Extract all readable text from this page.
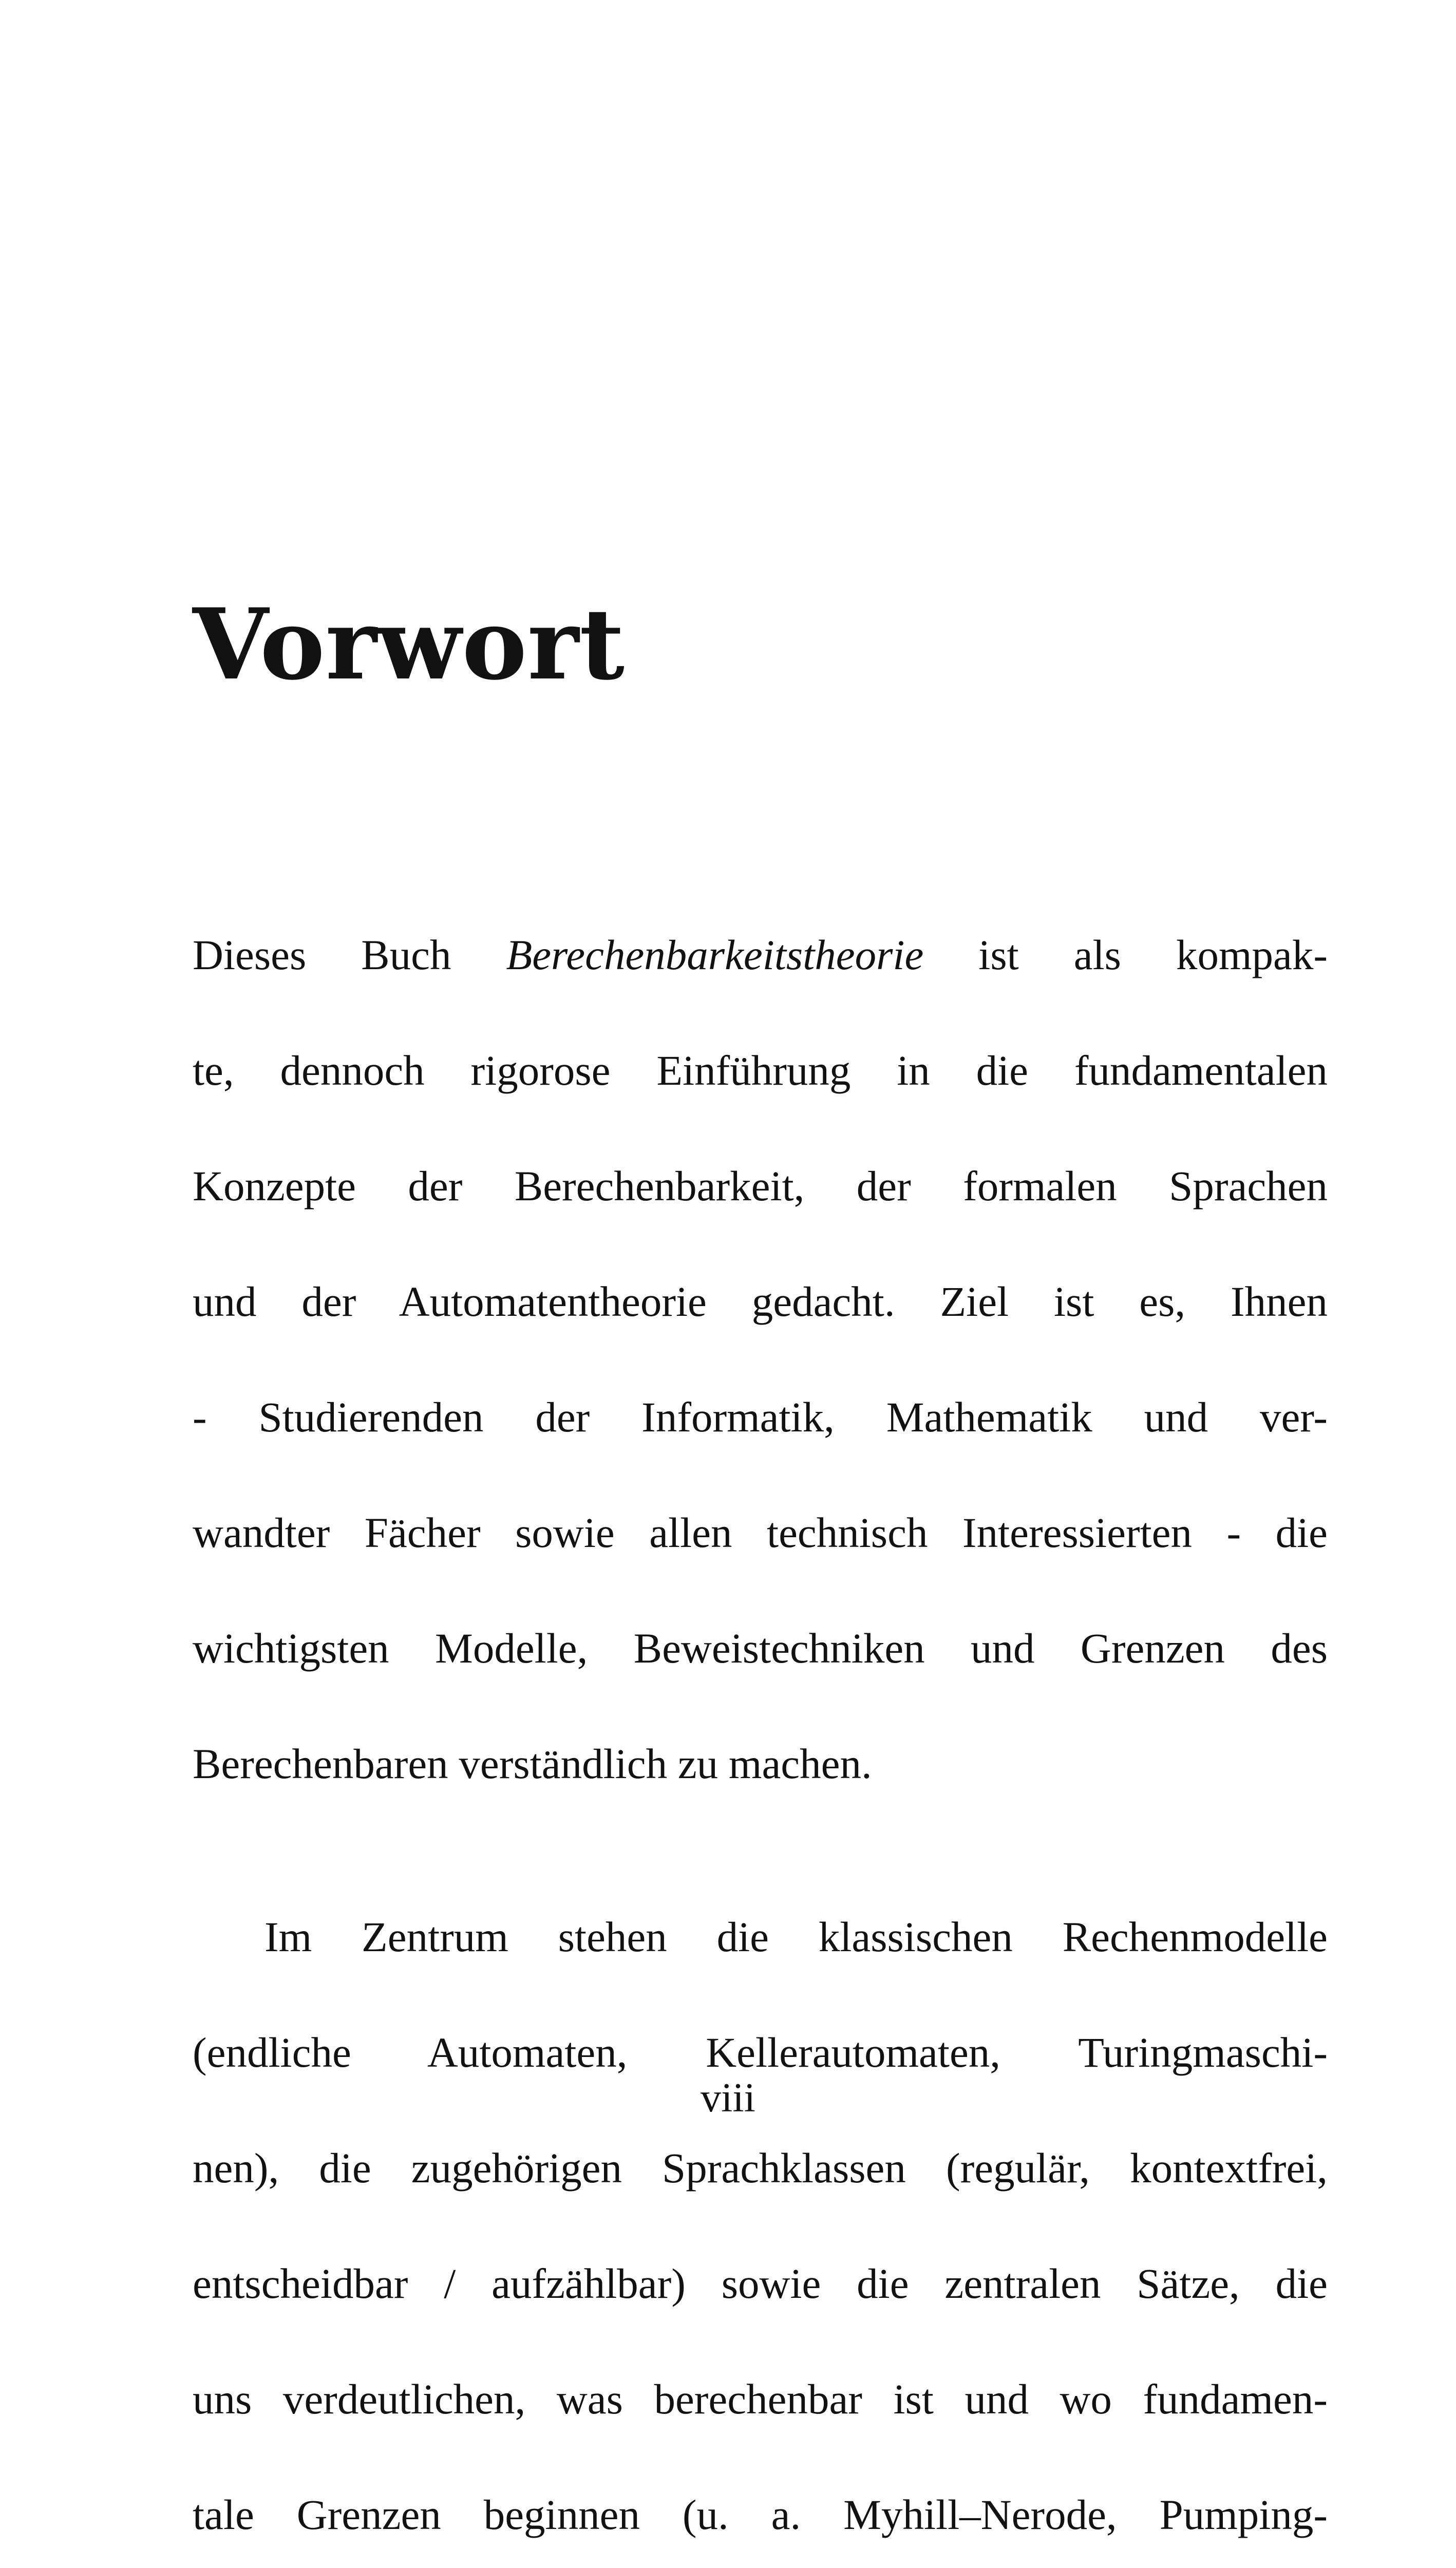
Vorwort

Dieses Buch Berechenbarkeitstheorie ist als kompak-

te, dennoch rigorose Einführung in die fundamentalen

Konzepte der Berechenbarkeit, der formalen Sprachen

und der Automatentheorie gedacht. Ziel ist es, Ihnen

- Studierenden der Informatik, Mathematik und ver-

wandter Fächer sowie allen technisch Interessierten - die

wichtigsten Modelle, Beweistechniken und Grenzen des

Berechenbaren verständlich zu machen.

Im Zentrum stehen die klassischen Rechenmodelle

(endliche Automaten, Kellerautomaten, Turingmaschi-

nen), die zugehörigen Sprachklassen (regulär, kontextfrei,

entscheidbar / aufzählbar) sowie die zentralen Sätze, die

uns verdeutlichen, was berechenbar ist und wo fundamen-

tale Grenzen beginnen (u. a. Myhill–Nerode, Pumping-

viii
